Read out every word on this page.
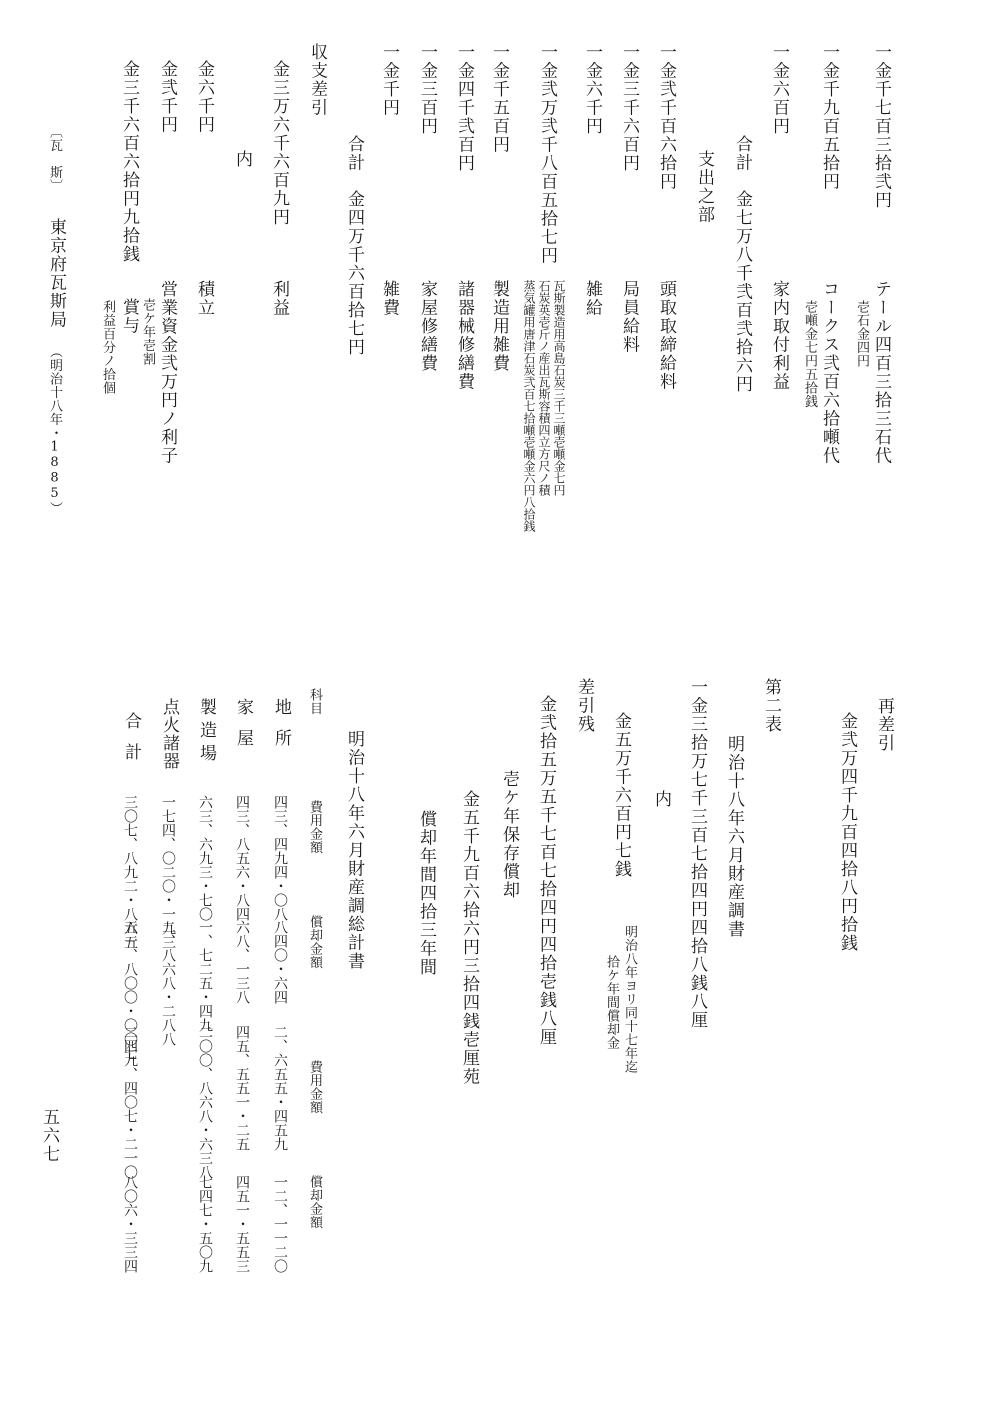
一金千七百三拾弐円
テール四百三拾三石代
壱石金四円
一金千九百五拾円
コークス弐百六拾噸代
壱噸金七円五拾銭
一金六百円
家内取付利益
合計
金七万八千弐百弐拾六円
支出之部
一金弐千百六拾円
頭取取締給料
一金三千六百円
局員給料
一金六千円
雑給
一金弐万弐千八百五拾七円
瓦斯製造用高島石炭三千三噸壱噸金七円
石炭英壱斤ノ産出瓦斯容積四立方尺ノ積
蒸気罐用唐津石炭弐百七拾噸壱噸金六円八拾銭
一金千五百円
製造用雑費
一金四千弐百円
諸器械修繕費
一金三百円
家屋修繕費
一金千円
雑費
合計
金四万千六百拾七円
収支差引
金三万六千六百九円
利益
内
金六千円
積立
金弐千円
営業資金弐万円ノ利子
壱ケ年壱割
金三千六百六拾円九拾銭
賞与
利益百分ノ拾個
〔瓦　斯〕
東京府瓦斯局
（明治十八年・1885）
再差引
金弐万四千九百四拾八円拾銭
第二表
明治十八年六月財産調書
一金三拾万七千三百七拾四円四拾八銭八厘
内
金五万千六百円七銭
明治八年ヨリ同十七年迄
拾ケ年間償却金
差引残
金弐拾五万五千七百七拾四円四拾壱銭八厘
壱ケ年保存償却
金五千九百六拾六円三拾四銭壱厘苑
償却年間四拾三年間
明治十八年六月財産調総計書
科目
費用金額
償却金額
費用金額
償却金額
地所
四三、四九四・〇八
八四〇・六四
二、六五五・四五九
一二、一一二〇
家屋
四三、八五六・八四
六八、一三八
四五、五五一・二五
四五一・五五三
製造場
六三、六九三・七〇
一、七二五・四九
二〇〇、八六八・六三八
七四七・五〇九
点火諸器
一七四、〇二〇・一九三
二、八六八・二八八
合計
三〇七、八九二・八六五
五一、八〇〇・〇〇七
二四九、四〇七・二一〇
八〇六・三三四
五六七
